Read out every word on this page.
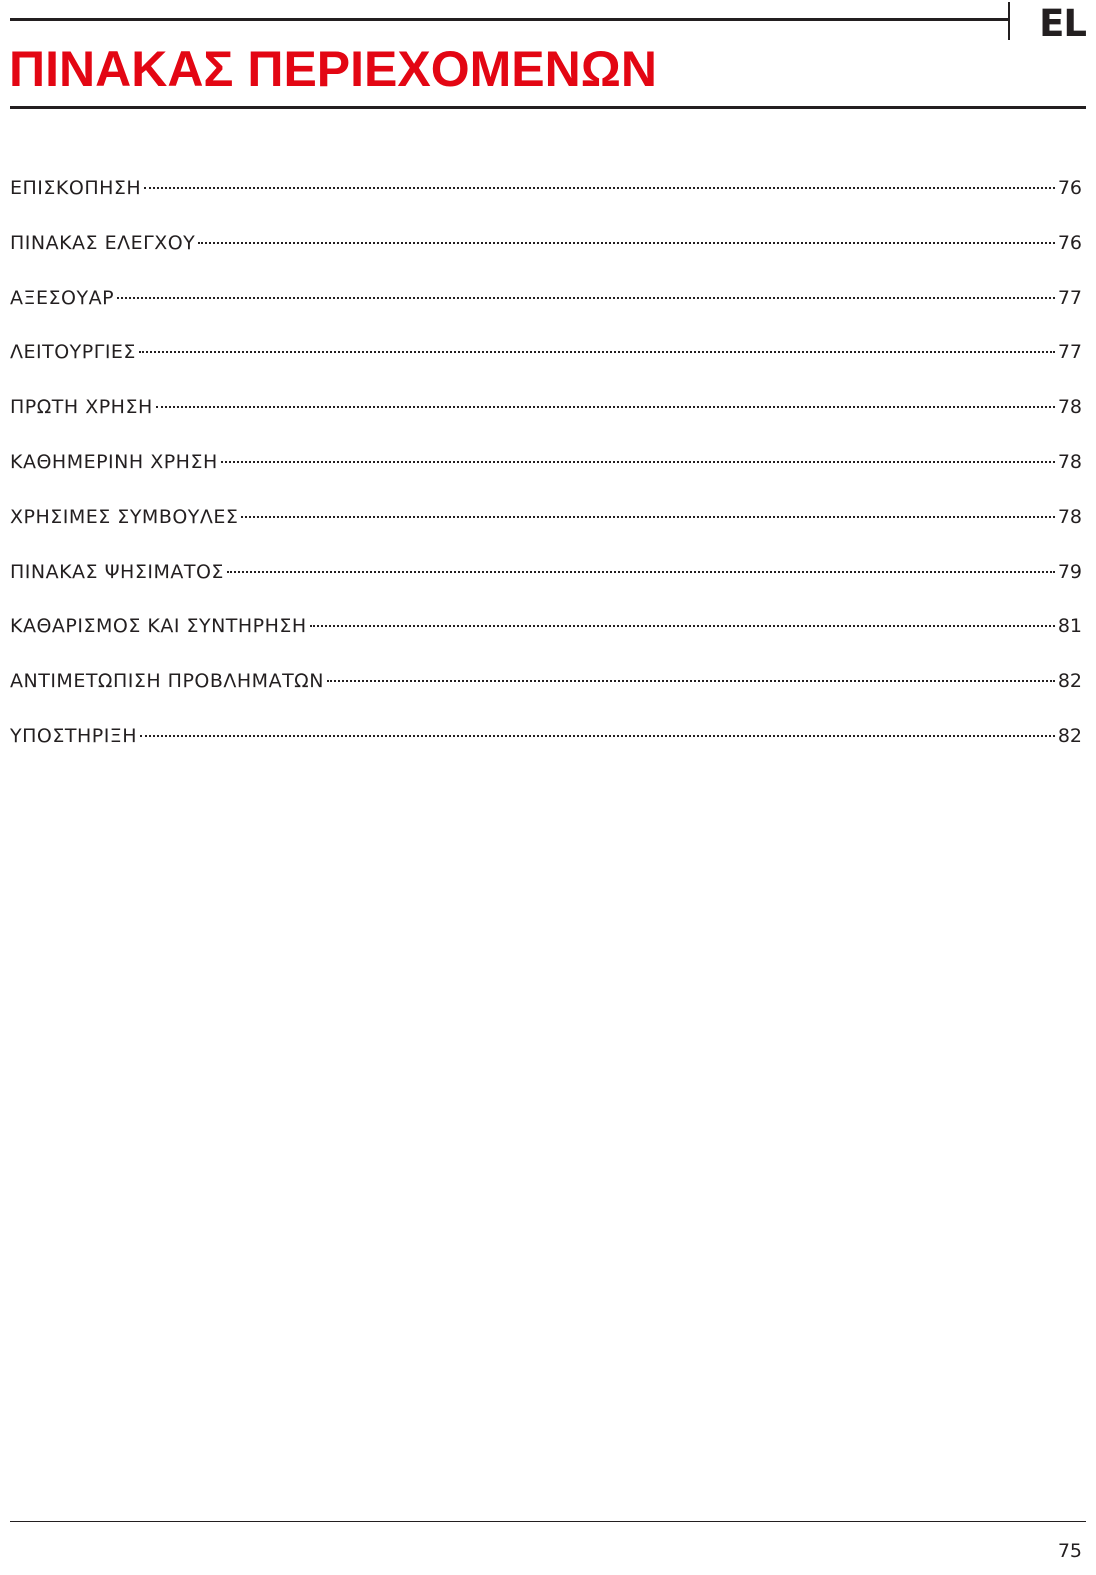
EL
ΠΙΝΑΚΑΣ ΠΕΡΙΕΧΟΜΕΝΩΝ
ΕΠΙΣΚΟΠΗΣΗ	76
ΠΙΝΑΚΑΣ ΕΛΕΓΧΟΥ	76
ΑΞΕΣΟΥΑΡ	77
ΛΕΙΤΟΥΡΓΙΕΣ	77
ΠΡΩΤΗ ΧΡΗΣΗ	78
ΚΑΘΗΜΕΡΙΝΗ ΧΡΗΣΗ	78
ΧΡΗΣΙΜΕΣ ΣΥΜΒΟΥΛΕΣ	78
ΠΙΝΑΚΑΣ ΨΗΣΙΜΑΤΟΣ	79
ΚΑΘΑΡΙΣΜΟΣ ΚΑΙ ΣΥΝΤΗΡΗΣΗ	81
ΑΝΤΙΜΕΤΩΠΙΣΗ ΠΡΟΒΛΗΜΑΤΩΝ	82
ΥΠΟΣΤΗΡΙΞΗ	82
75
